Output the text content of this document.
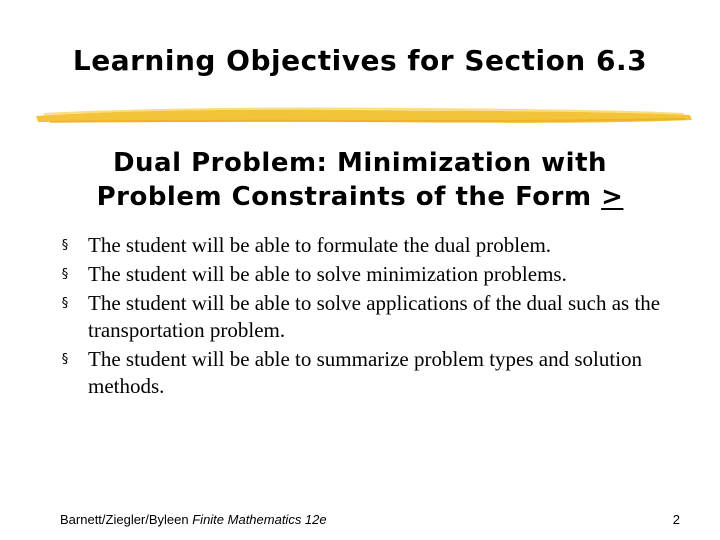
Learning Objectives for Section 6.3
Dual Problem: Minimization with
Problem Constraints of the Form >
§ The student will be able to formulate the dual problem.
§ The student will be able to solve minimization problems.
§ The student will be able to solve applications of the dual such as the transportation problem.
§ The student will be able to summarize problem types and solution methods.
Barnett/Ziegler/Byleen Finite Mathematics 12e	2
